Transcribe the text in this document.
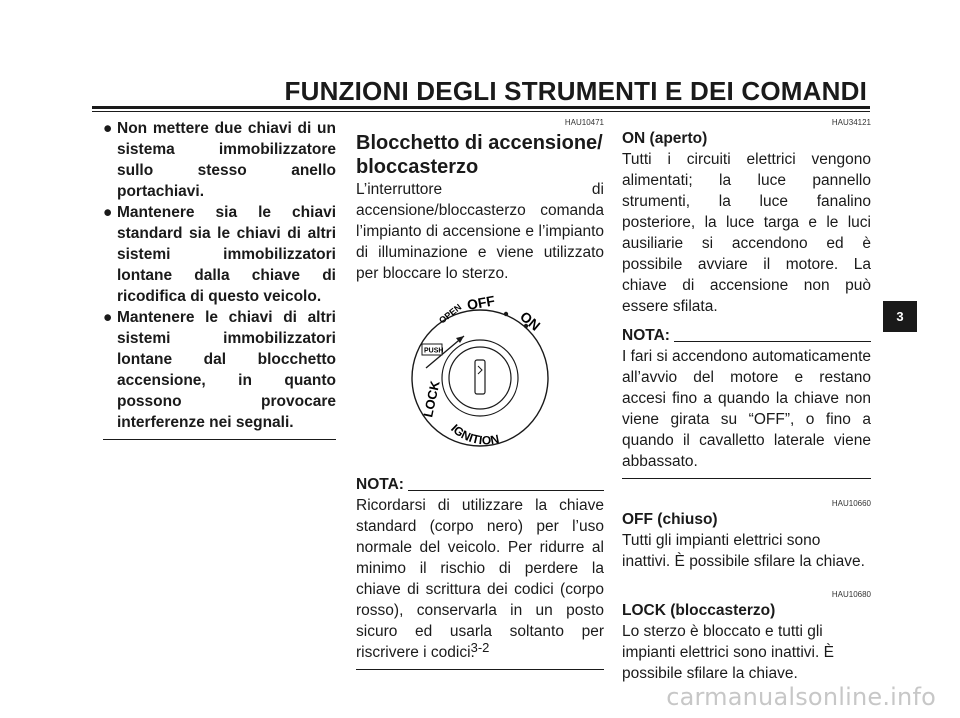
FUNZIONI DEGLI STRUMENTI E DEI COMANDI
● Non mettere due chiavi di un sistema immobilizzatore sullo stesso anello portachiavi.
● Mantenere sia le chiavi standard sia le chiavi di altri sistemi immobilizzatori lontane dalla chiave di ricodifica di questo veicolo.
● Mantenere le chiavi di altri sistemi immobilizzatori lontane dal blocchetto accensione, in quanto possono provocare interferenze nei segnali.
HAU10471
Blocchetto di accensione/ bloccasterzo

L’interruttore di accensione/bloccasterzo comanda l’impianto di accensione e l’impianto di illuminazione e viene utilizzato per bloccare lo sterzo.

OPEN OFF
ON
PUSH
LOCK
IGNITION
NOTA:

Ricordarsi di utilizzare la chiave standard (corpo nero) per l’uso normale del veicolo. Per ridurre al minimo il rischio di perdere la chiave di scrittura dei codici (corpo rosso), conservarla in un posto sicuro ed usarla soltanto per riscrivere i codici.

HAU34121
ON (aperto)

Tutti i circuiti elettrici vengono alimentati; la luce pannello strumenti, la luce fanalino posteriore, la luce targa e le luci ausiliarie si accendono ed è possibile avviare il motore. La chiave di accensione non può essere sfilata.

NOTA:

I fari si accendono automaticamente all’avvio del motore e restano accesi fino a quando la chiave non viene girata su “OFF”, o fino a quando il cavalletto laterale viene abbassato.

HAU10660
OFF (chiuso)

Tutti gli impianti elettrici sono inattivi. È possibile sfilare la chiave.

HAU10680
LOCK (bloccasterzo)

Lo sterzo è bloccato e tutti gli impianti elettrici sono inattivi. È possibile sfilare la chiave.

3
3-2
carmanualsonline.info
